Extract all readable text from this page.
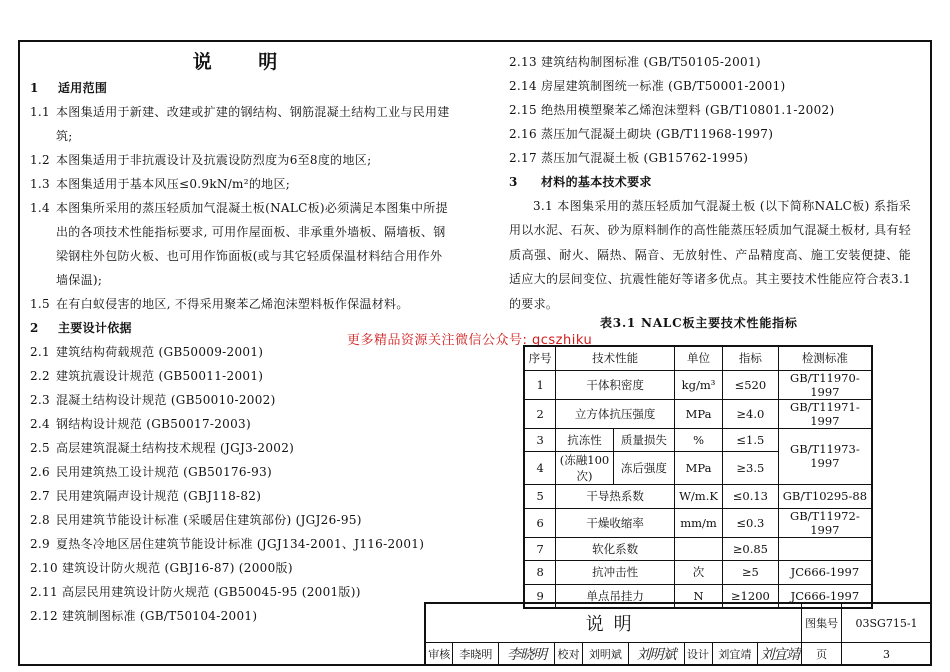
说 明
1	适用范围
1.1 本图集适用于新建、改建或扩建的钢结构、钢筋混凝土结构工业与民用建筑;
1.2 本图集适用于非抗震设计及抗震设防烈度为6至8度的地区;
1.3 本图集适用于基本风压≤0.9kN/m²的地区;
1.4 本图集所采用的蒸压轻质加气混凝土板(NALC板)必须满足本图集中所提出的各项技术性能指标要求, 可用作屋面板、非承重外墙板、隔墙板、钢梁钢柱外包防火板、也可用作饰面板(或与其它轻质保温材料结合用作外墙保温);
1.5 在有白蚁侵害的地区, 不得采用聚苯乙烯泡沫塑料板作保温材料。
2	主要设计依据
2.1 建筑结构荷载规范 (GB50009-2001)
2.2 建筑抗震设计规范 (GB50011-2001)
2.3 混凝土结构设计规范 (GB50010-2002)
2.4 钢结构设计规范 (GB50017-2003)
2.5 高层建筑混凝土结构技术规程 (JGJ3-2002)
2.6 民用建筑热工设计规范 (GB50176-93)
2.7 民用建筑隔声设计规范 (GBJ118-82)
2.8 民用建筑节能设计标准 (采暖居住建筑部份) (JGJ26-95)
2.9 夏热冬冷地区居住建筑节能设计标准 (JGJ134-2001、J116-2001)
2.10 建筑设计防火规范 (GBJ16-87) (2000版)
2.11 高层民用建筑设计防火规范 (GB50045-95 (2001版))
2.12 建筑制图标准 (GB/T50104-2001)
2.13 建筑结构制图标准 (GB/T50105-2001)
2.14 房屋建筑制图统一标准 (GB/T50001-2001)
2.15 绝热用模塑聚苯乙烯泡沫塑料 (GB/T10801.1-2002)
2.16 蒸压加气混凝土砌块 (GB/T11968-1997)
2.17 蒸压加气混凝土板 (GB15762-1995)
3	材料的基本技术要求
3.1 本图集采用的蒸压轻质加气混凝土板 (以下简称NALC板) 系指采用以水泥、石灰、砂为原料制作的高性能蒸压轻质加气混凝土板材, 具有轻质高强、耐火、隔热、隔音、无放射性、产品精度高、施工安装便捷、能适应大的层间变位、抗震性能好等诸多优点。其主要技术性能应符合表3.1的要求。
表3.1 NALC板主要技术性能指标
更多精品资源关注微信公众号: gcszhiku
序号	技术性能		单位	指标	检测标准
1	干体积密度		kg/m³	≤520	GB/T11970-1997
2	立方体抗压强度		MPa	≥4.0	GB/T11971-1997
3	抗冻性	质量损失	%	≤1.5	GB/T11973-1997
4	(冻融100次)	冻后强度	MPa	≥3.5	
5	干导热系数		W/m.K	≤0.13	GB/T10295-88
6	干燥收缩率		mm/m	≤0.3	GB/T11972-1997
7	软化系数			≥0.85	
8	抗冲击性		次	≥5	JC666-1997
9	单点吊挂力		N	≥1200	JC666-1997
说明									图集号	03SG715-1
审核	李晓明	李晓明	校对	刘明斌	刘明斌	设计	刘宜靖	刘宜靖	页	3
